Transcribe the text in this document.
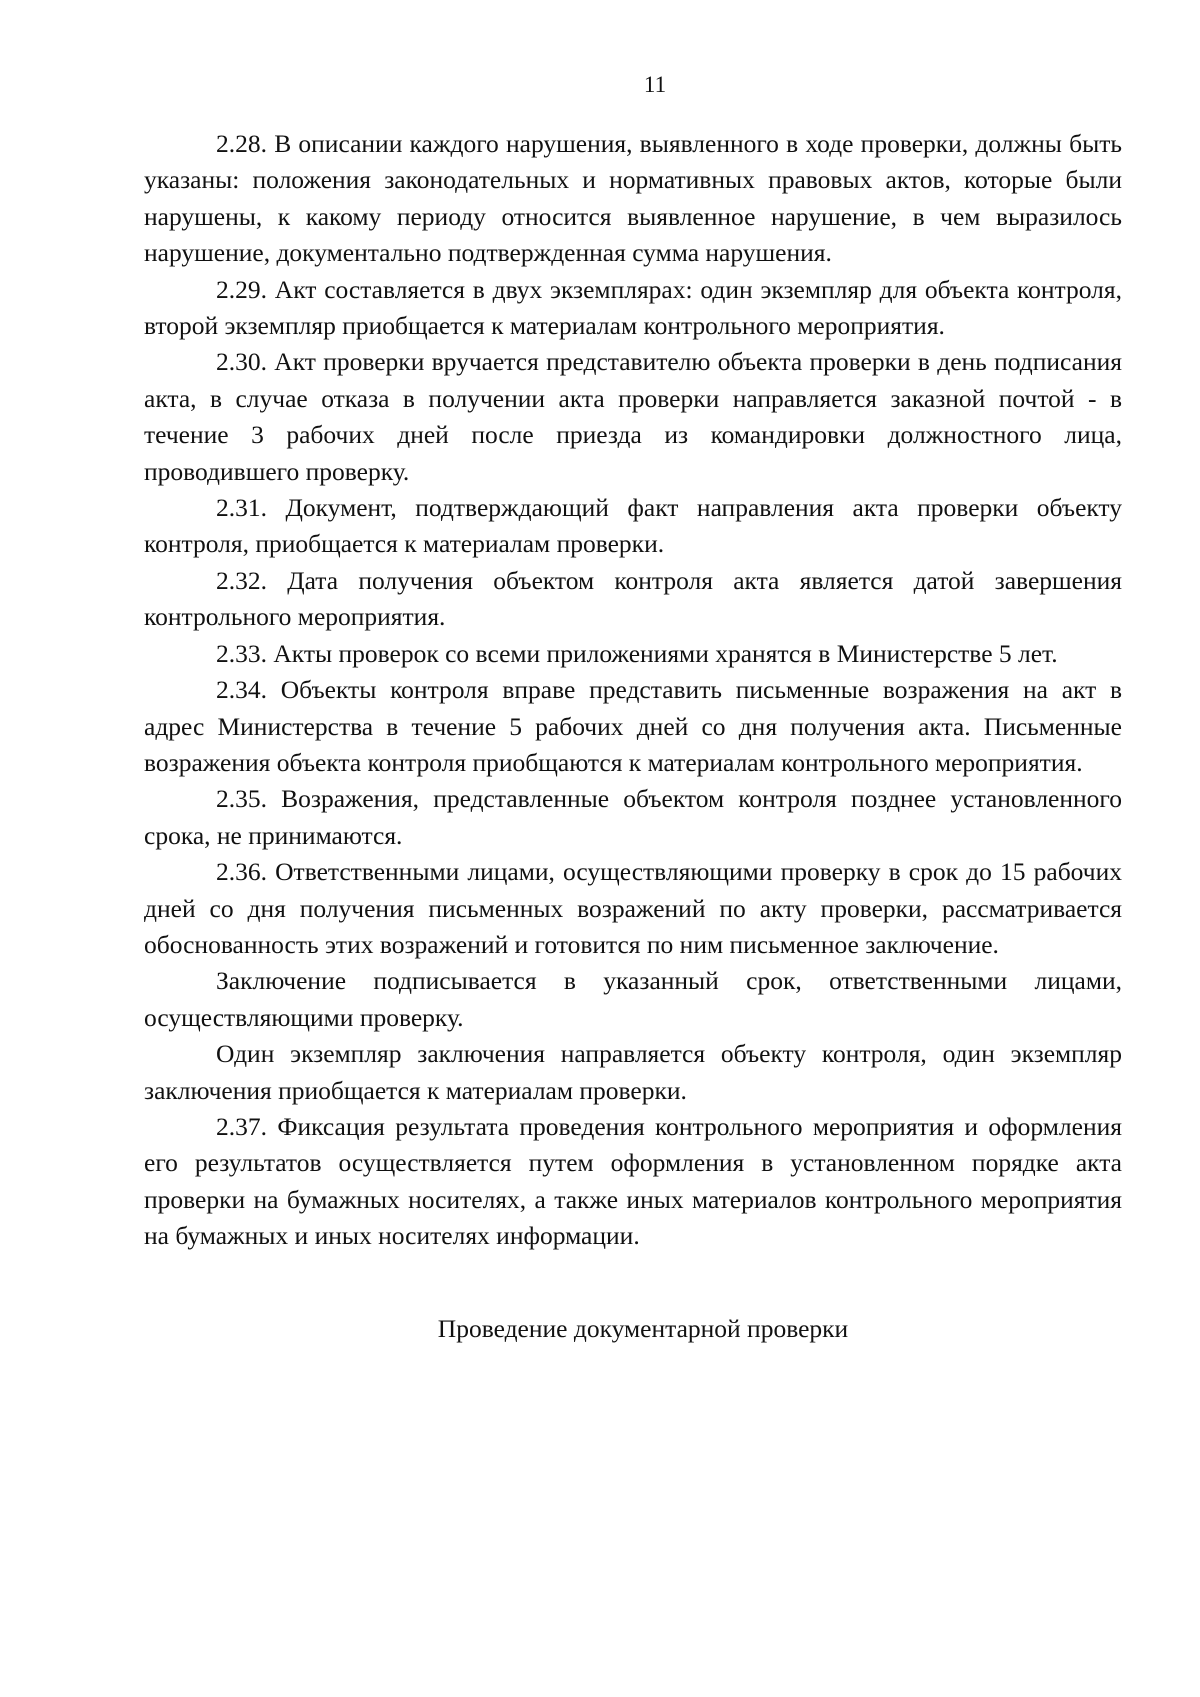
11

2.28. В описании каждого нарушения, выявленного в ходе проверки, должны быть указаны: положения законодательных и нормативных правовых актов, которые были нарушены, к какому периоду относится выявленное нарушение, в чем выразилось нарушение, документально подтвержденная сумма нарушения.

2.29. Акт составляется в двух экземплярах: один экземпляр для объекта контроля, второй экземпляр приобщается к материалам контрольного мероприятия.

2.30. Акт проверки вручается представителю объекта проверки в день подписания акта, в случае отказа в получении акта проверки направляется заказной почтой - в течение 3 рабочих дней после приезда из командировки должностного лица, проводившего проверку.

2.31. Документ, подтверждающий факт направления акта проверки объекту контроля, приобщается к материалам проверки.

2.32. Дата получения объектом контроля акта является датой завершения контрольного мероприятия.

2.33. Акты проверок со всеми приложениями хранятся в Министерстве 5 лет.

2.34. Объекты контроля вправе представить письменные возражения на акт в адрес Министерства в течение 5 рабочих дней со дня получения акта. Письменные возражения объекта контроля приобщаются к материалам контрольного мероприятия.

2.35. Возражения, представленные объектом контроля позднее установленного срока, не принимаются.

2.36. Ответственными лицами, осуществляющими проверку в срок до 15 рабочих дней со дня получения письменных возражений по акту проверки, рассматривается обоснованность этих возражений и готовится по ним письменное заключение.

Заключение подписывается в указанный срок, ответственными лицами, осуществляющими проверку.

Один экземпляр заключения направляется объекту контроля, один экземпляр заключения приобщается к материалам проверки.

2.37. Фиксация результата проведения контрольного мероприятия и оформления его результатов осуществляется путем оформления в установленном порядке акта проверки на бумажных носителях, а также иных материалов контрольного мероприятия на бумажных и иных носителях информации.

Проведение документарной проверки
